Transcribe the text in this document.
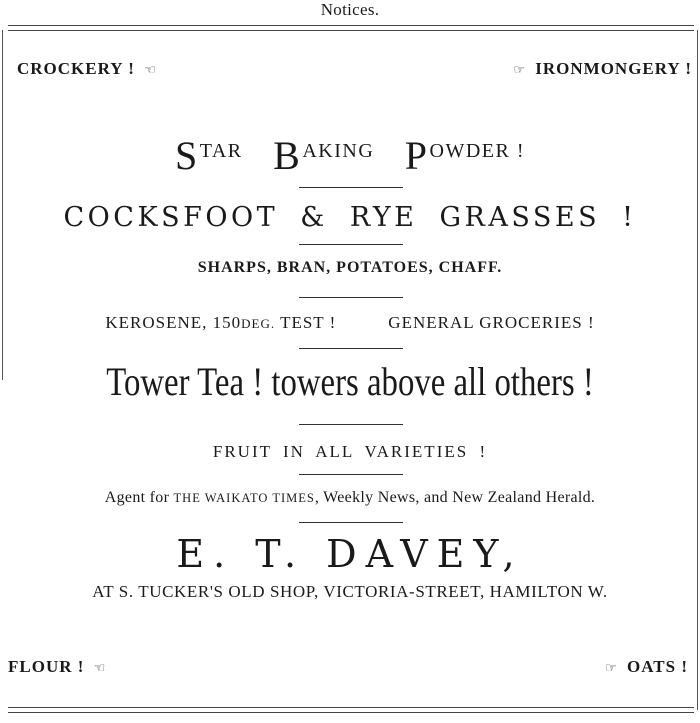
Notices.
CROCKERY ! ☜	☞ IRONMONGERY !
STAR BAKING POWDER !
COCKSFOOT & RYE GRASSES !
SHARPS, BRAN, POTATOES, CHAFF.
KEROSENE, 150DEG. TEST !	GENERAL GROCERIES !
Tower Tea ! towers above all others !
FRUIT IN ALL VARIETIES !
Agent for THE WAIKATO TIMES, Weekly News, and New Zealand Herald.
E. T. DAVEY,
AT S. TUCKER'S OLD SHOP, VICTORIA-STREET, HAMILTON W.
FLOUR ! ☜	☞ OATS !
